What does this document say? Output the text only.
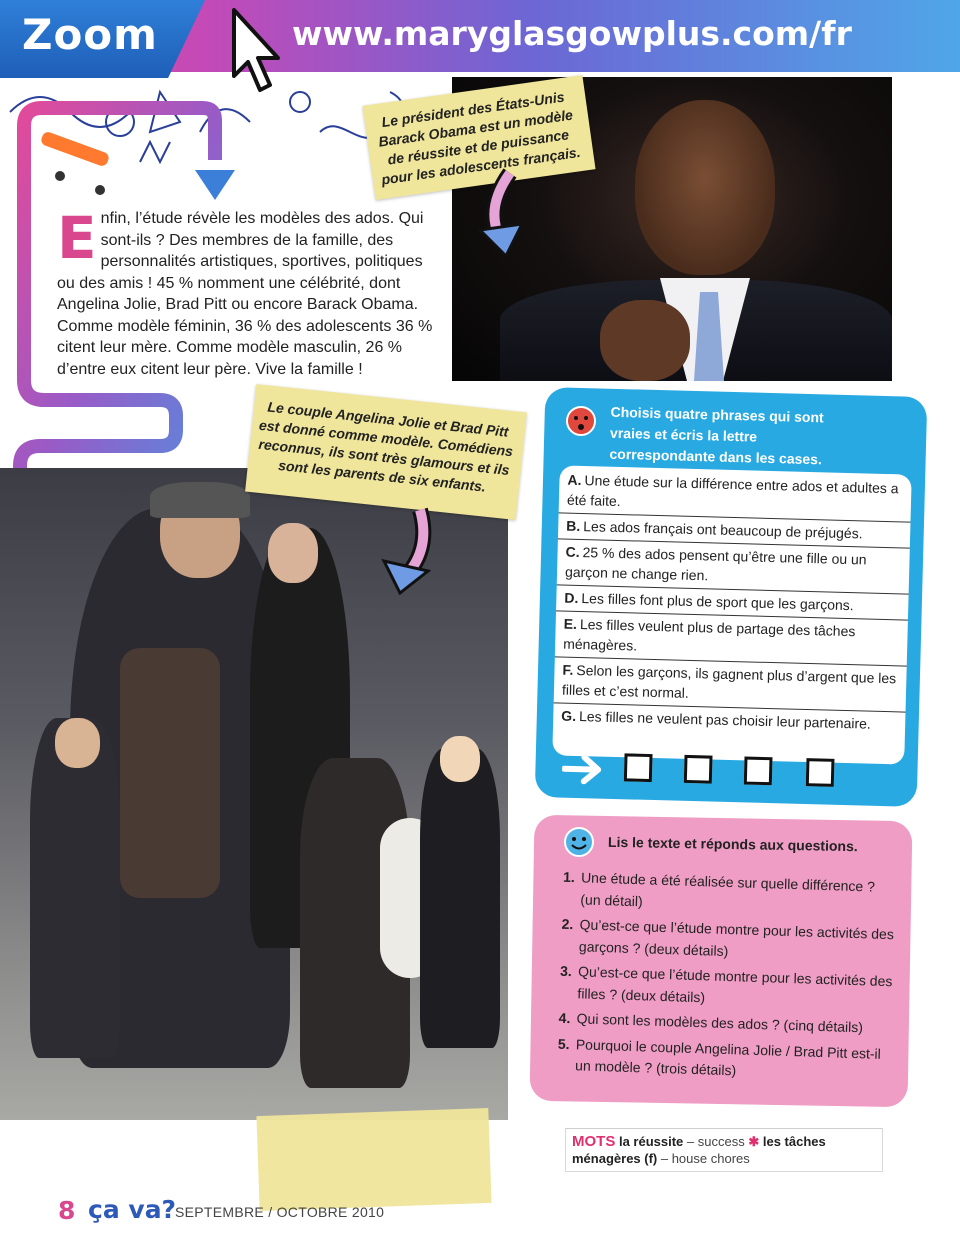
Zoom	www.maryglasgowplus.com/fr
Enfin, l’étude révèle les modèles des ados. Qui sont-ils ? Des membres de la famille, des personnalités artistiques, sportives, politiques ou des amis ! 45 % nomment une célébrité, dont Angelina Jolie, Brad Pitt ou encore Barack Obama. Comme modèle féminin, 36 % des adolescents 36 % citent leur mère. Comme modèle masculin, 26 % d’entre eux citent leur père. Vive la famille !
Le président des États-Unis Barack Obama est un modèle de réussite et de puissance pour les adolescents français.
Le couple Angelina Jolie et Brad Pitt est donné comme modèle. Comédiens reconnus, ils sont très glamours et ils sont les parents de six enfants.
Choisis quatre phrases qui sont vraies et écris la lettre correspondante dans les cases.
A. Une étude sur la différence entre ados et adultes a été faite.
B. Les ados français ont beaucoup de préjugés.
C. 25 % des ados pensent qu’être une fille ou un garçon ne change rien.
D. Les filles font plus de sport que les garçons.
E. Les filles veulent plus de partage des tâches ménagères.
F. Selon les garçons, ils gagnent plus d’argent que les filles et c’est normal.
G. Les filles ne veulent pas choisir leur partenaire.
Lis le texte et réponds aux questions.
1. Une étude a été réalisée sur quelle différence ? (un détail)
2. Qu’est-ce que l’étude montre pour les activités des garçons ? (deux détails)
3. Qu’est-ce que l’étude montre pour les activités des filles ? (deux détails)
4. Qui sont les modèles des ados ? (cinq détails)
5. Pourquoi le couple Angelina Jolie / Brad Pitt est-il un modèle ? (trois détails)
MOTS la réussite – success ✱ les tâches ménagères (f) – house chores
8 ça va?
SEPTEMBRE / OCTOBRE 2010
